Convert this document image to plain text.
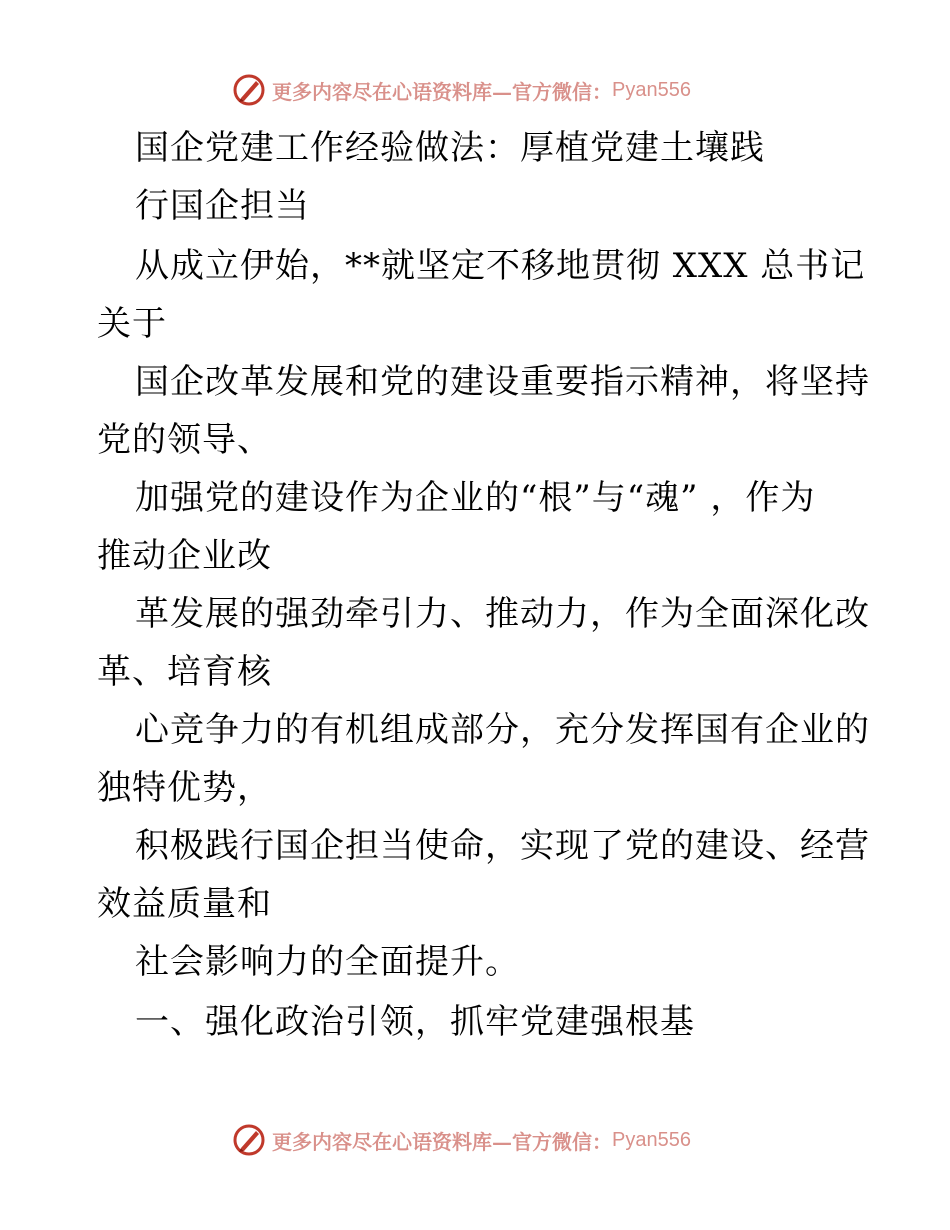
更多内容尽在心语资料库—官方微信： Pyan556
国企党建工作经验做法：厚植党建土壤践
行国企担当
从成立伊始，**就坚定不移地贯彻 XXX 总书记
关于
国企改革发展和党的建设重要指示精神，将坚持
党的领导、
加强党的建设作为企业的“根”与“魂” ，作为
推动企业改
革发展的强劲牵引力、推动力，作为全面深化改
革、培育核
心竞争力的有机组成部分，充分发挥国有企业的
独特优势，
积极践行国企担当使命，实现了党的建设、经营
效益质量和
社会影响力的全面提升。
一、强化政治引领，抓牢党建强根基
更多内容尽在心语资料库—官方微信： Pyan556
